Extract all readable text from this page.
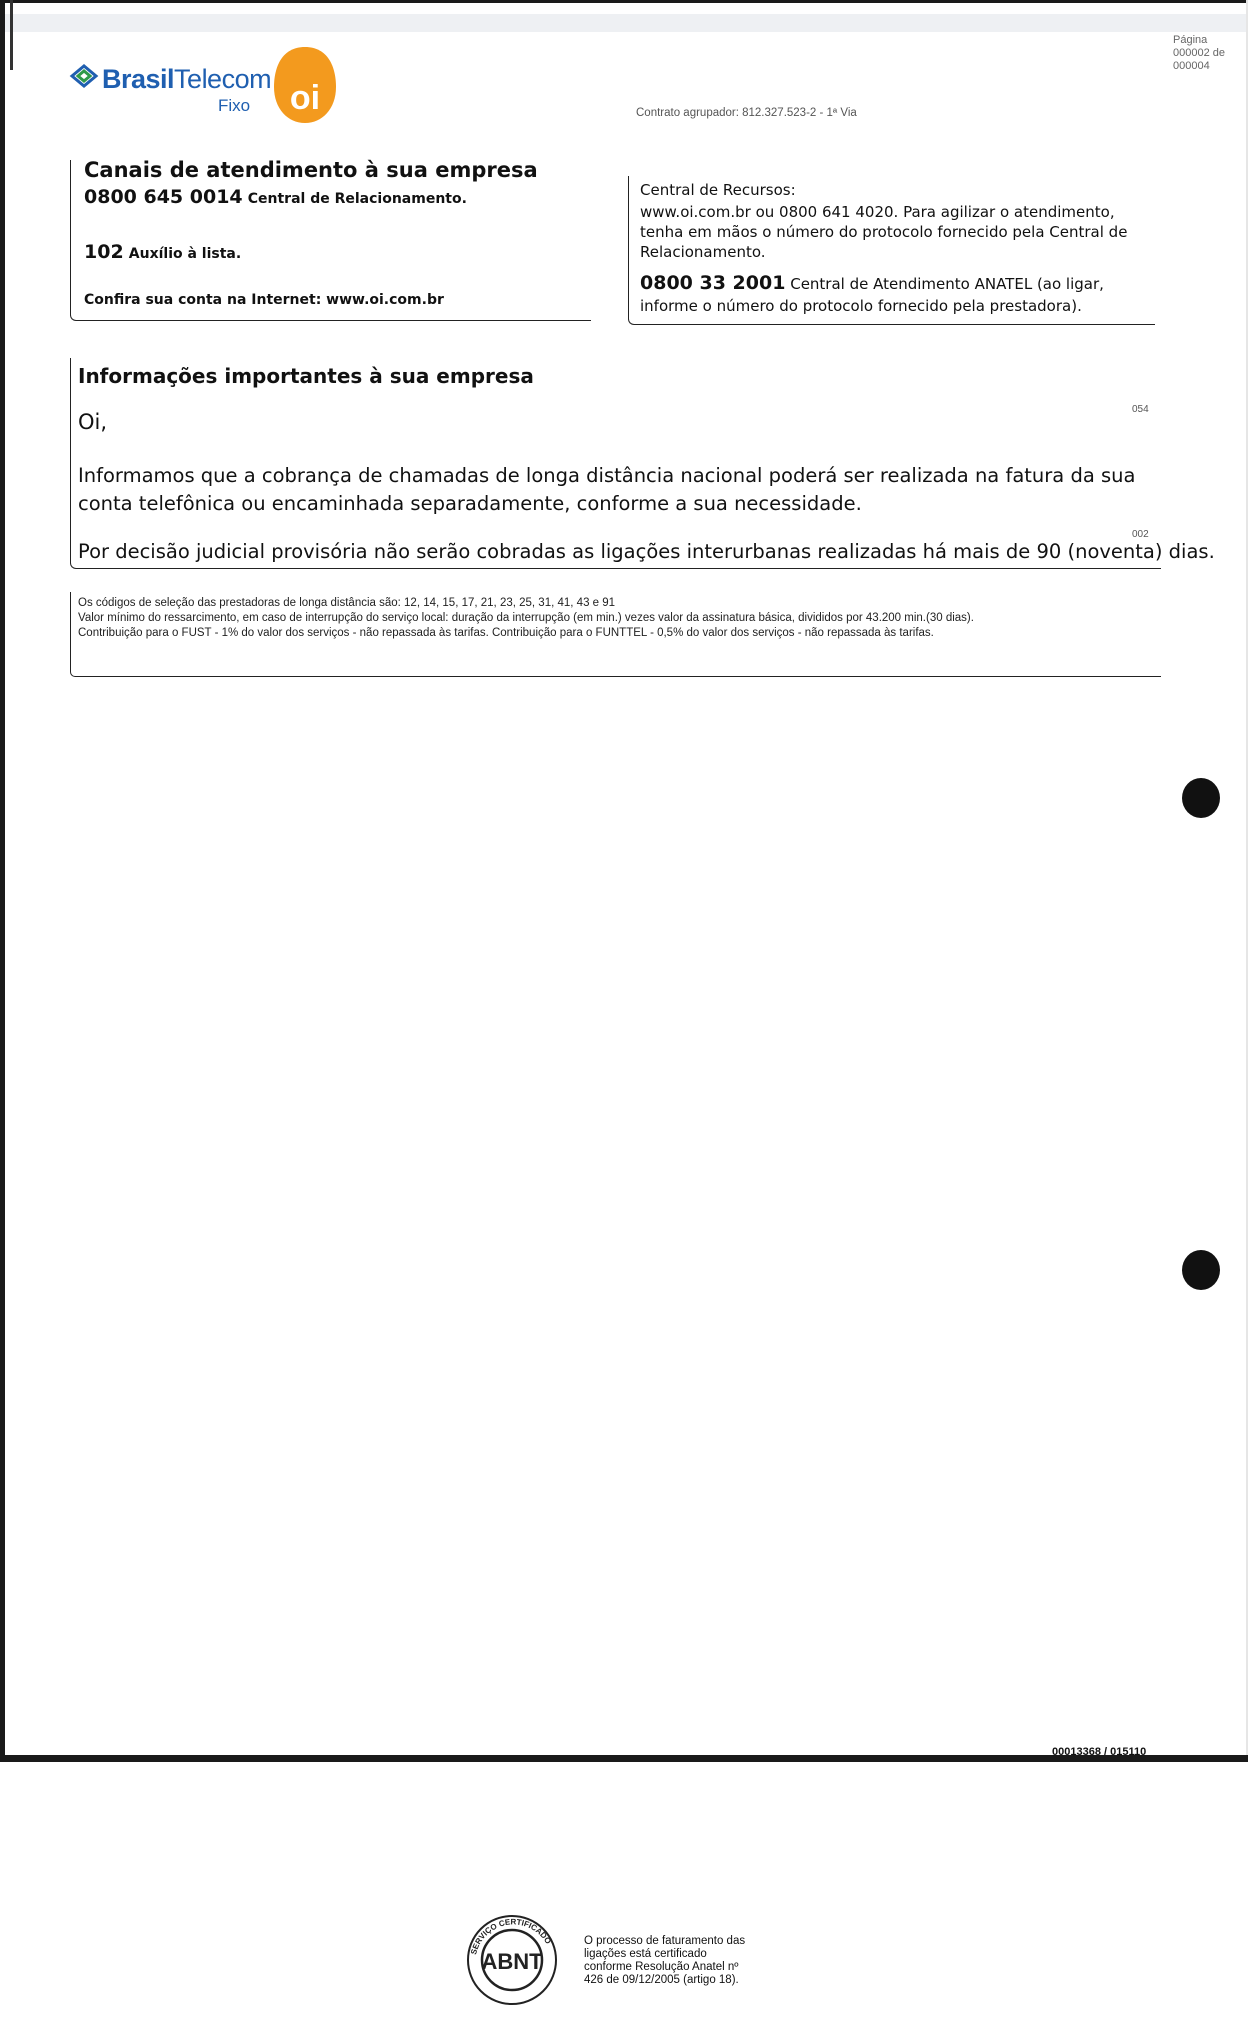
BrasilTelecom
Fixo oi	Contrato agrupador: 812.327.523-2 - 1ª Via
Página
000002 de
000004
Canais de atendimento à sua empresa
0800 645 0014 Central de Relacionamento.
102 Auxílio à lista.
Confira sua conta na Internet: www.oi.com.br
Central de Recursos:
www.oi.com.br ou 0800 641 4020. Para agilizar o atendimento, tenha em mãos o número do protocolo fornecido pela Central de Relacionamento.
0800 33 2001 Central de Atendimento ANATEL (ao ligar, informe o número do protocolo fornecido pela prestadora).
Informações importantes à sua empresa
054
Oi,
Informamos que a cobrança de chamadas de longa distância nacional poderá ser realizada na fatura da sua conta telefônica ou encaminhada separadamente, conforme a sua necessidade.
002
Por decisão judicial provisória não serão cobradas as ligações interurbanas realizadas há mais de 90 (noventa) dias.
Os códigos de seleção das prestadoras de longa distância são: 12, 14, 15, 17, 21, 23, 25, 31, 41, 43 e 91
Valor mínimo do ressarcimento, em caso de interrupção do serviço local: duração da interrupção (em min.) vezes valor da assinatura básica, divididos por 43.200 min.(30 dias).
Contribuição para o FUST - 1% do valor dos serviços - não repassada às tarifas. Contribuição para o FUNTTEL - 0,5% do valor dos serviços - não repassada às tarifas.
SERVIÇO CERTIFICADO
ABNT
O processo de faturamento das ligações está certificado conforme Resolução Anatel nº 426 de 09/12/2005 (artigo 18).
00013368 / 015110
